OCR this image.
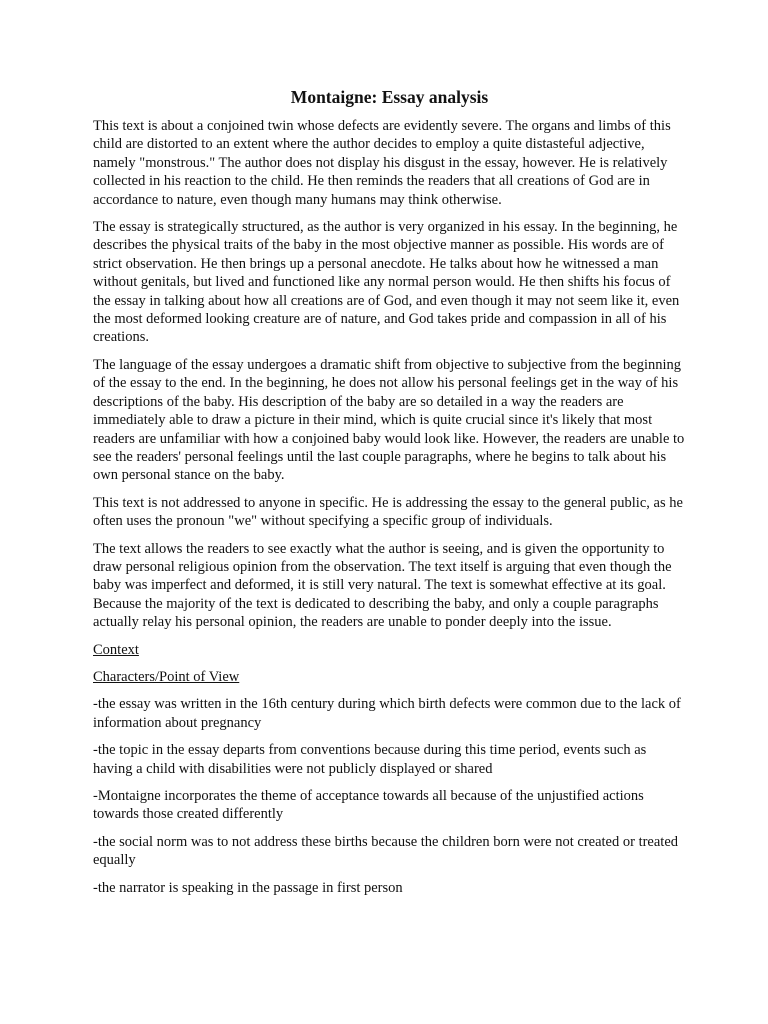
Montaigne: Essay analysis

This text is about a conjoined twin whose defects are evidently severe. The organs and limbs of this child are distorted to an extent where the author decides to employ a quite distasteful adjective, namely "monstrous." The author does not display his disgust in the essay, however. He is relatively collected in his reaction to the child. He then reminds the readers that all creations of God are in accordance to nature, even though many humans may think otherwise.

The essay is strategically structured, as the author is very organized in his essay. In the beginning, he describes the physical traits of the baby in the most objective manner as possible. His words are of strict observation. He then brings up a personal anecdote. He talks about how he witnessed a man without genitals, but lived and functioned like any normal person would. He then shifts his focus of the essay in talking about how all creations are of God, and even though it may not seem like it, even the most deformed looking creature are of nature, and God takes pride and compassion in all of his creations.

The language of the essay undergoes a dramatic shift from objective to subjective from the beginning of the essay to the end. In the beginning, he does not allow his personal feelings get in the way of his descriptions of the baby. His description of the baby are so detailed in a way the readers are immediately able to draw a picture in their mind, which is quite crucial since it's likely that most readers are unfamiliar with how a conjoined baby would look like. However, the readers are unable to see the readers' personal feelings until the last couple paragraphs, where he begins to talk about his own personal stance on the baby.

This text is not addressed to anyone in specific. He is addressing the essay to the general public, as he often uses the pronoun "we" without specifying a specific group of individuals.

The text allows the readers to see exactly what the author is seeing, and is given the opportunity to draw personal religious opinion from the observation. The text itself is arguing that even though the baby was imperfect and deformed, it is still very natural. The text is somewhat effective at its goal. Because the majority of the text is dedicated to describing the baby, and only a couple paragraphs actually relay his personal opinion, the readers are unable to ponder deeply into the issue.

Context
Characters/Point of View

-the essay was written in the 16th century during which birth defects were common due to the lack of information about pregnancy

-the topic in the essay departs from conventions because during this time period, events such as having a child with disabilities were not publicly displayed or shared

-Montaigne incorporates the theme of acceptance towards all because of the unjustified actions towards those created differently

-the social norm was to not address these births because the children born were not created or treated equally

-the narrator is speaking in the passage in first person
